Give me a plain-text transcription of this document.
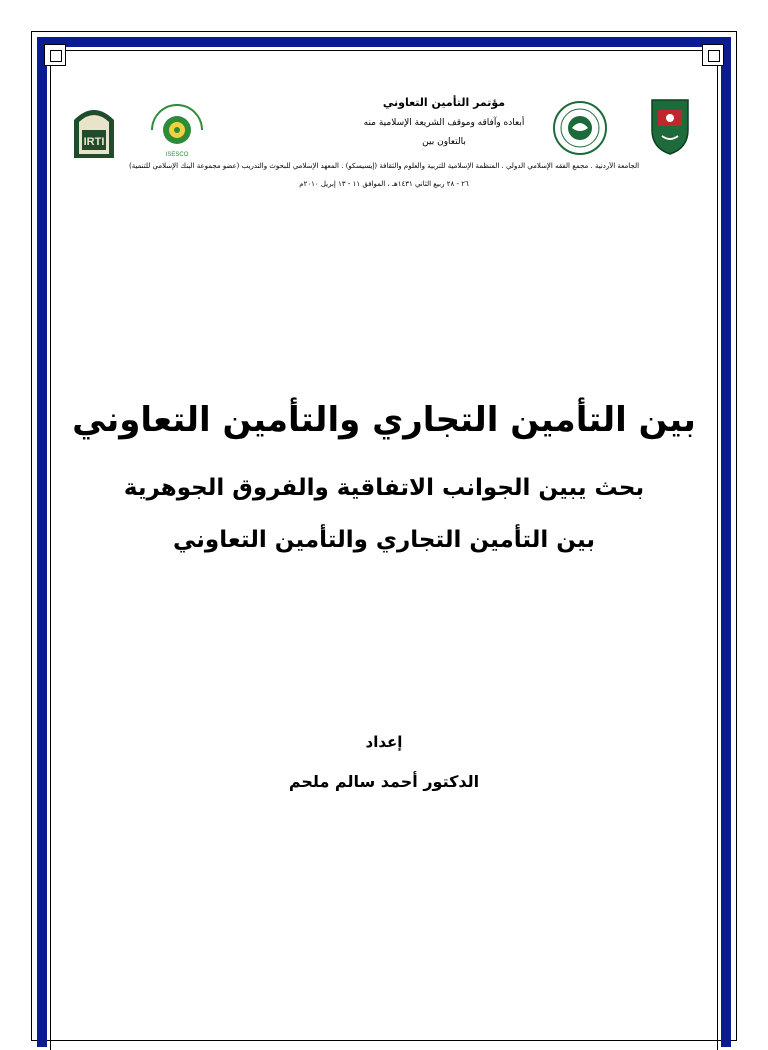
IRTI
ISESCO
مؤتمر التأمين التعاوني
أبعاده وآفاقه وموقف الشريعة الإسلامية منه
بالتعاون بين
الجامعة الأردنية . مجمع الفقه الإسلامي الدولي . المنظمة الإسلامية للتربية والعلوم والثقافة (إيسيسكو) . المعهد الإسلامي للبحوث والتدريب (عضو مجموعة البنك الإسلامي للتنمية)
٢٦ - ٢٨ ربيع الثاني ١٤٣١هـ ، الموافق ١١ - ١٣ إبريل ٢٠١٠م
بين التأمين التجاري والتأمين التعاوني
بحث يبين الجوانب الاتفاقية والفروق الجوهرية
بين التأمين التجاري والتأمين التعاوني
إعداد
الدكتور أحمد سالم ملحم
